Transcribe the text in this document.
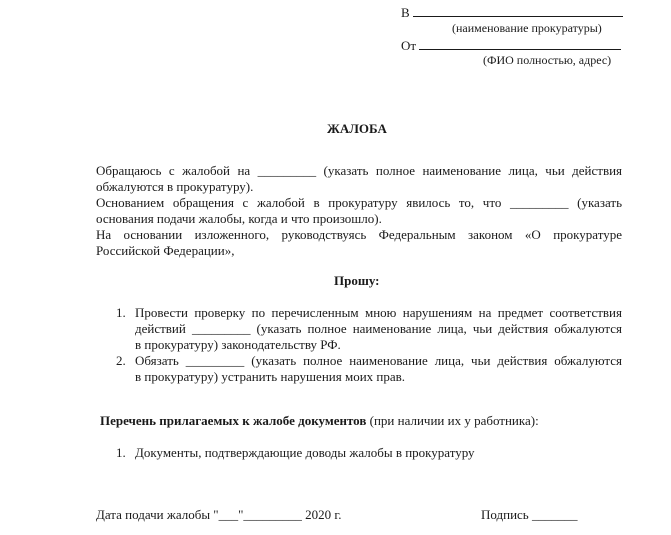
В
(наименование прокуратуры)
От
(ФИО полностью, адрес)
ЖАЛОБА
Обращаюсь с жалобой на _________ (указать полное наименование лица, чьи действия
обжалуются в прокуратуру).
Основанием обращения с жалобой в прокуратуру явилось то, что _________ (указать
основания подачи жалобы, когда и что произошло).
На основании изложенного, руководствуясь Федеральным законом «О прокуратуре
Российской Федерации»,
Прошу:
1. Провести проверку по перечисленным мною нарушениям на предмет соответствия
действий _________ (указать полное наименование лица, чьи действия обжалуются
в прокуратуру) законодательству РФ.
2. Обязать _________ (указать полное наименование лица, чьи действия обжалуются
в прокуратуру) устранить нарушения моих прав.
Перечень прилагаемых к жалобе документов (при наличии их у работника):
1. Документы, подтверждающие доводы жалобы в прокуратуру
Дата подачи жалобы "___"_________ 2020 г.	Подпись _______
